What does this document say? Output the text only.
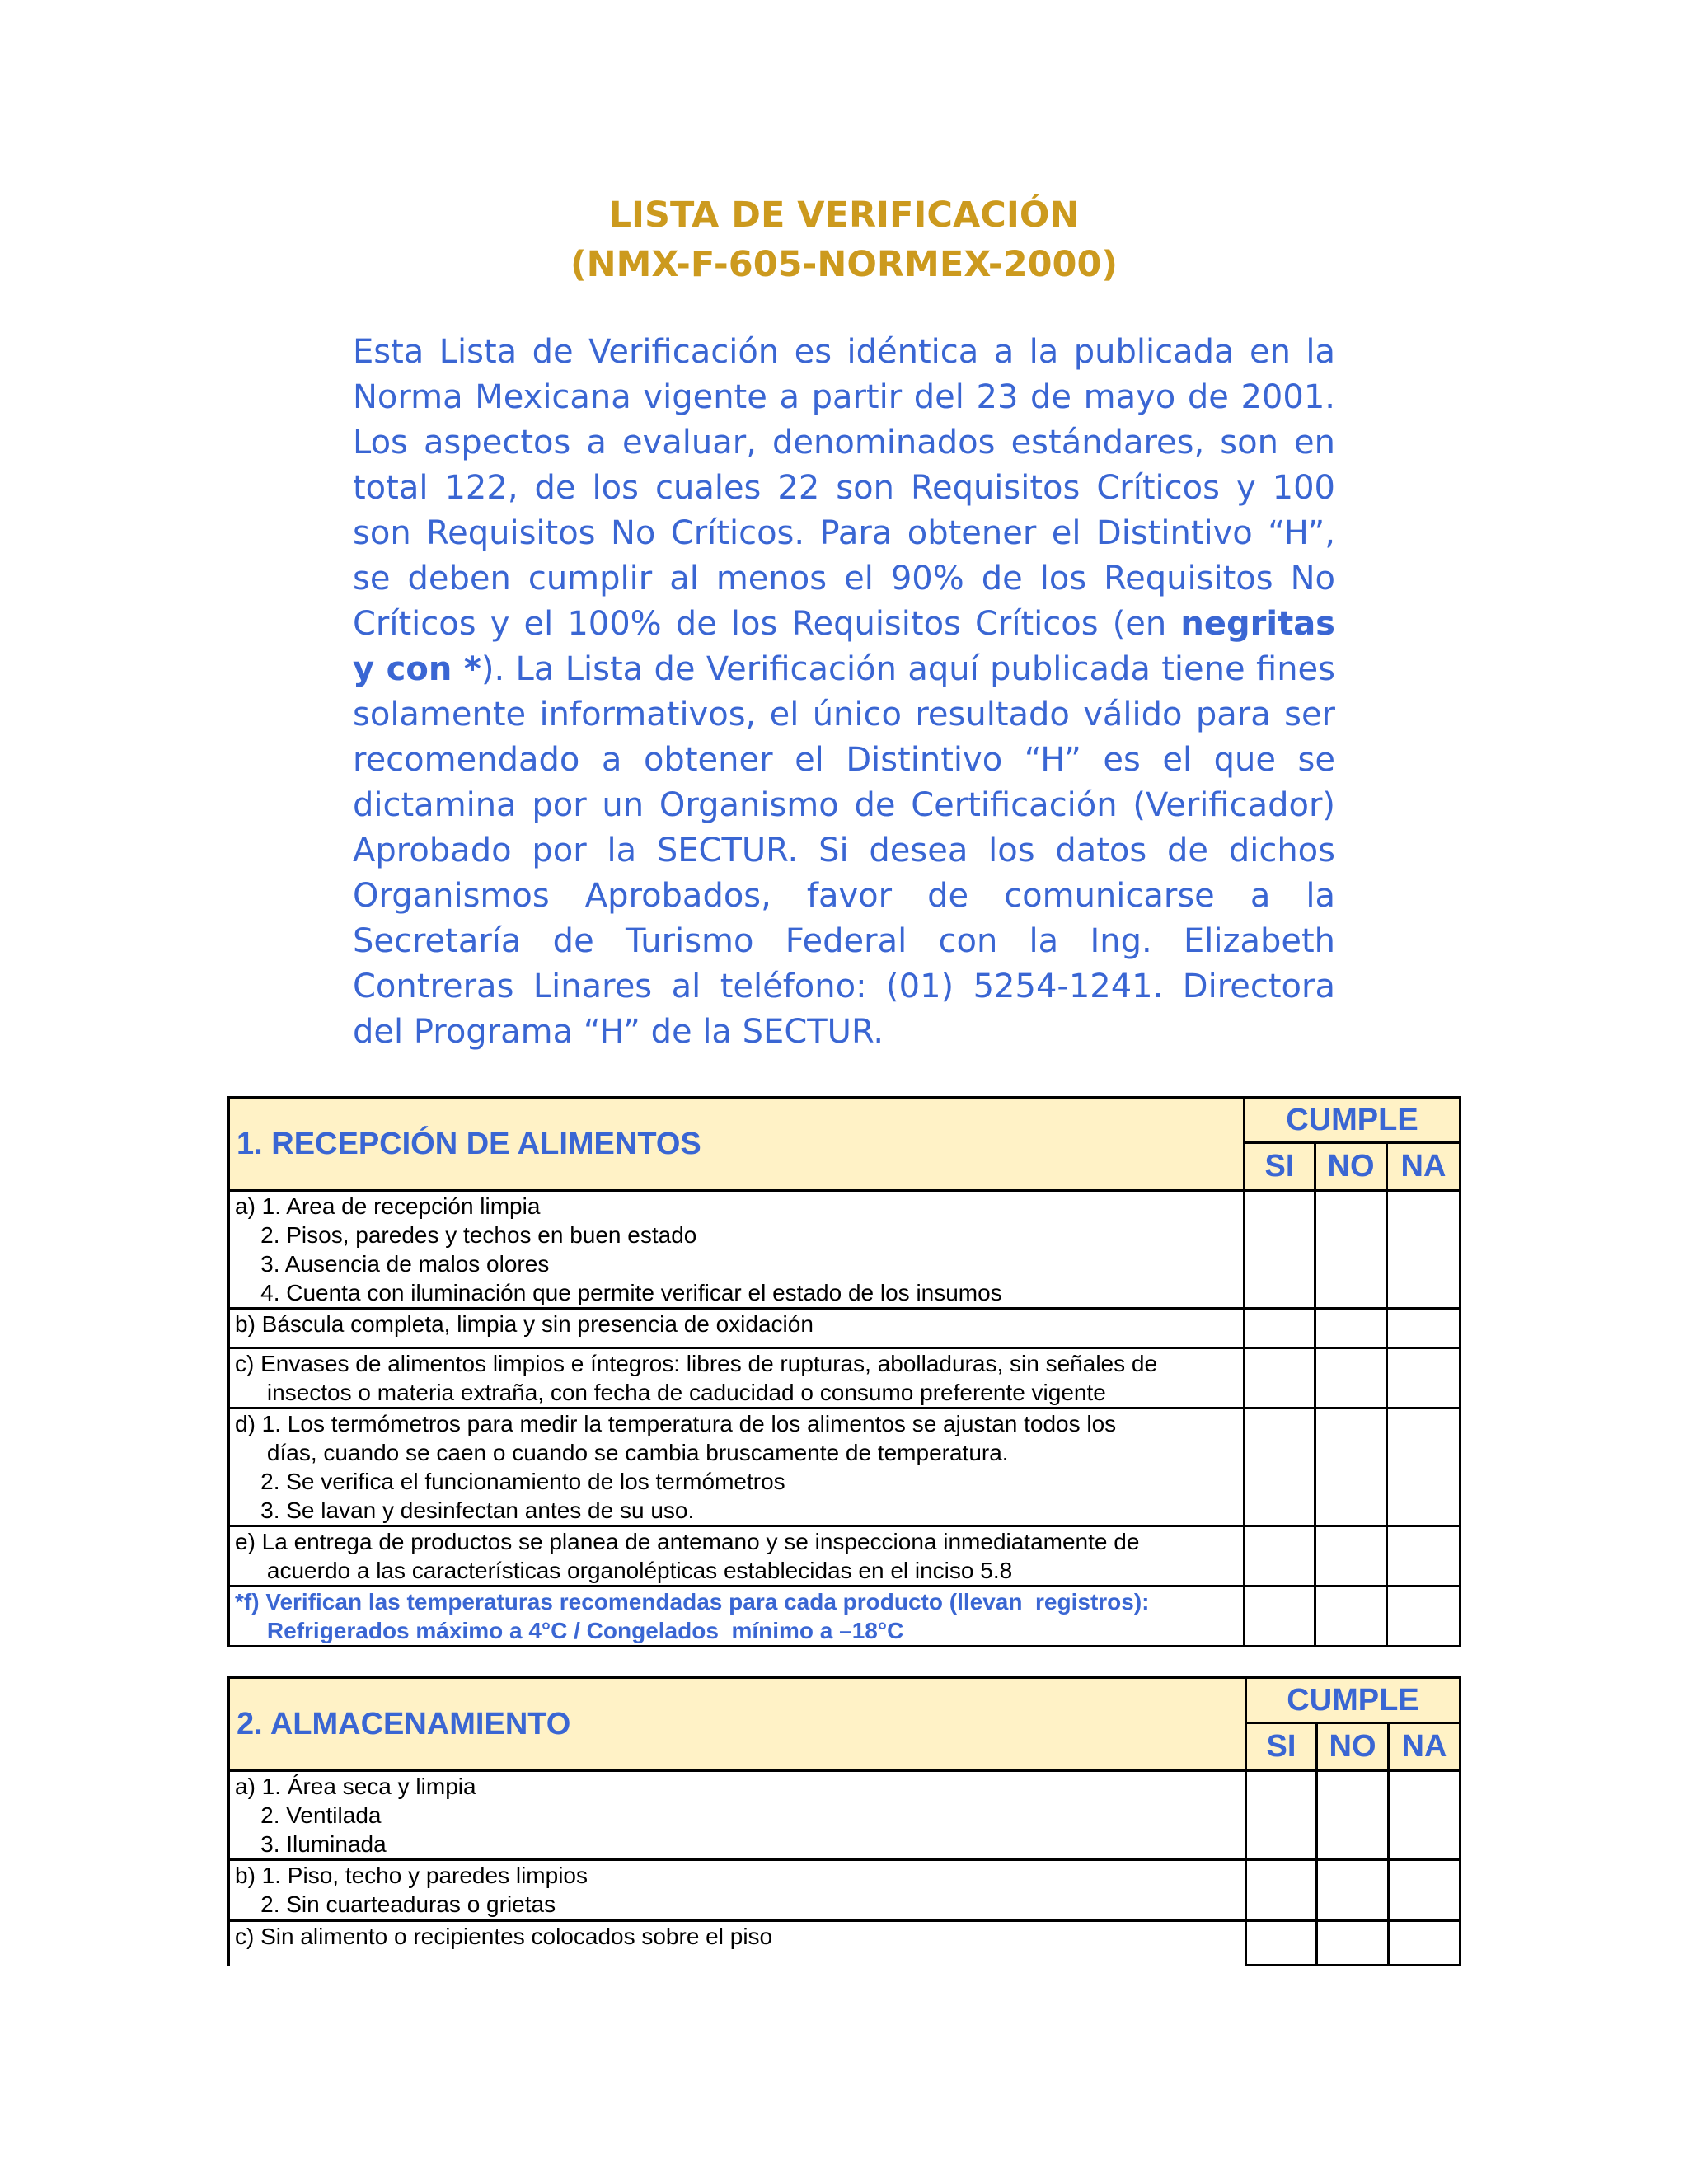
LISTA DE VERIFICACIÓN
(NMX-F-605-NORMEX-2000)
Esta Lista de Verificación es idéntica a la publicada en la Norma Mexicana vigente a partir del 23 de mayo de 2001. Los aspectos a evaluar, denominados estándares, son en total 122, de los cuales 22 son Requisitos Críticos y 100 son Requisitos No Críticos. Para obtener el Distintivo “H”, se deben cumplir al menos el 90% de los Requisitos No Críticos y el 100% de los Requisitos Críticos (en negritas y con *). La Lista de Verificación aquí publicada tiene fines solamente informativos, el único resultado válido para ser recomendado a obtener el Distintivo “H” es el que se dictamina por un Organismo de Certificación (Verificador) Aprobado por la SECTUR. Si desea los datos de dichos Organismos Aprobados, favor de comunicarse a la Secretaría de Turismo Federal con la Ing. Elizabeth Contreras Linares al teléfono: (01) 5254-1241. Directora del Programa “H” de la SECTUR.
1. RECEPCIÓN DE ALIMENTOS	CUMPLE		
	SI	NO	NA

a) 1. Area de recepción limpia
2. Pisos, paredes y techos en buen estado
3. Ausencia de malos olores
4. Cuenta con iluminación que permite verificar el estado de los insumos			

b) Báscula completa, limpia y sin presencia de oxidación			

c) Envases de alimentos limpios e íntegros: libres de rupturas, abolladuras, sin señales de
insectos o materia extraña, con fecha de caducidad o consumo preferente vigente			

d) 1. Los termómetros para medir la temperatura de los alimentos se ajustan todos los
días, cuando se caen o cuando se cambia bruscamente de temperatura.
2. Se verifica el funcionamiento de los termómetros
3. Se lavan y desinfectan antes de su uso.			

e) La entrega de productos se planea de antemano y se inspecciona inmediatamente de
acuerdo a las características organolépticas establecidas en el inciso 5.8			

*f) Verifican las temperaturas recomendadas para cada producto (llevan  registros):
Refrigerados máximo a 4°C / Congelados  mínimo a –18°C			

2. ALMACENAMIENTO	CUMPLE		
	SI	NO	NA

a) 1. Área seca y limpia
2. Ventilada
3. Iluminada			

b) 1. Piso, techo y paredes limpios
2. Sin cuarteaduras o grietas			

c) Sin alimento o recipientes colocados sobre el piso			
